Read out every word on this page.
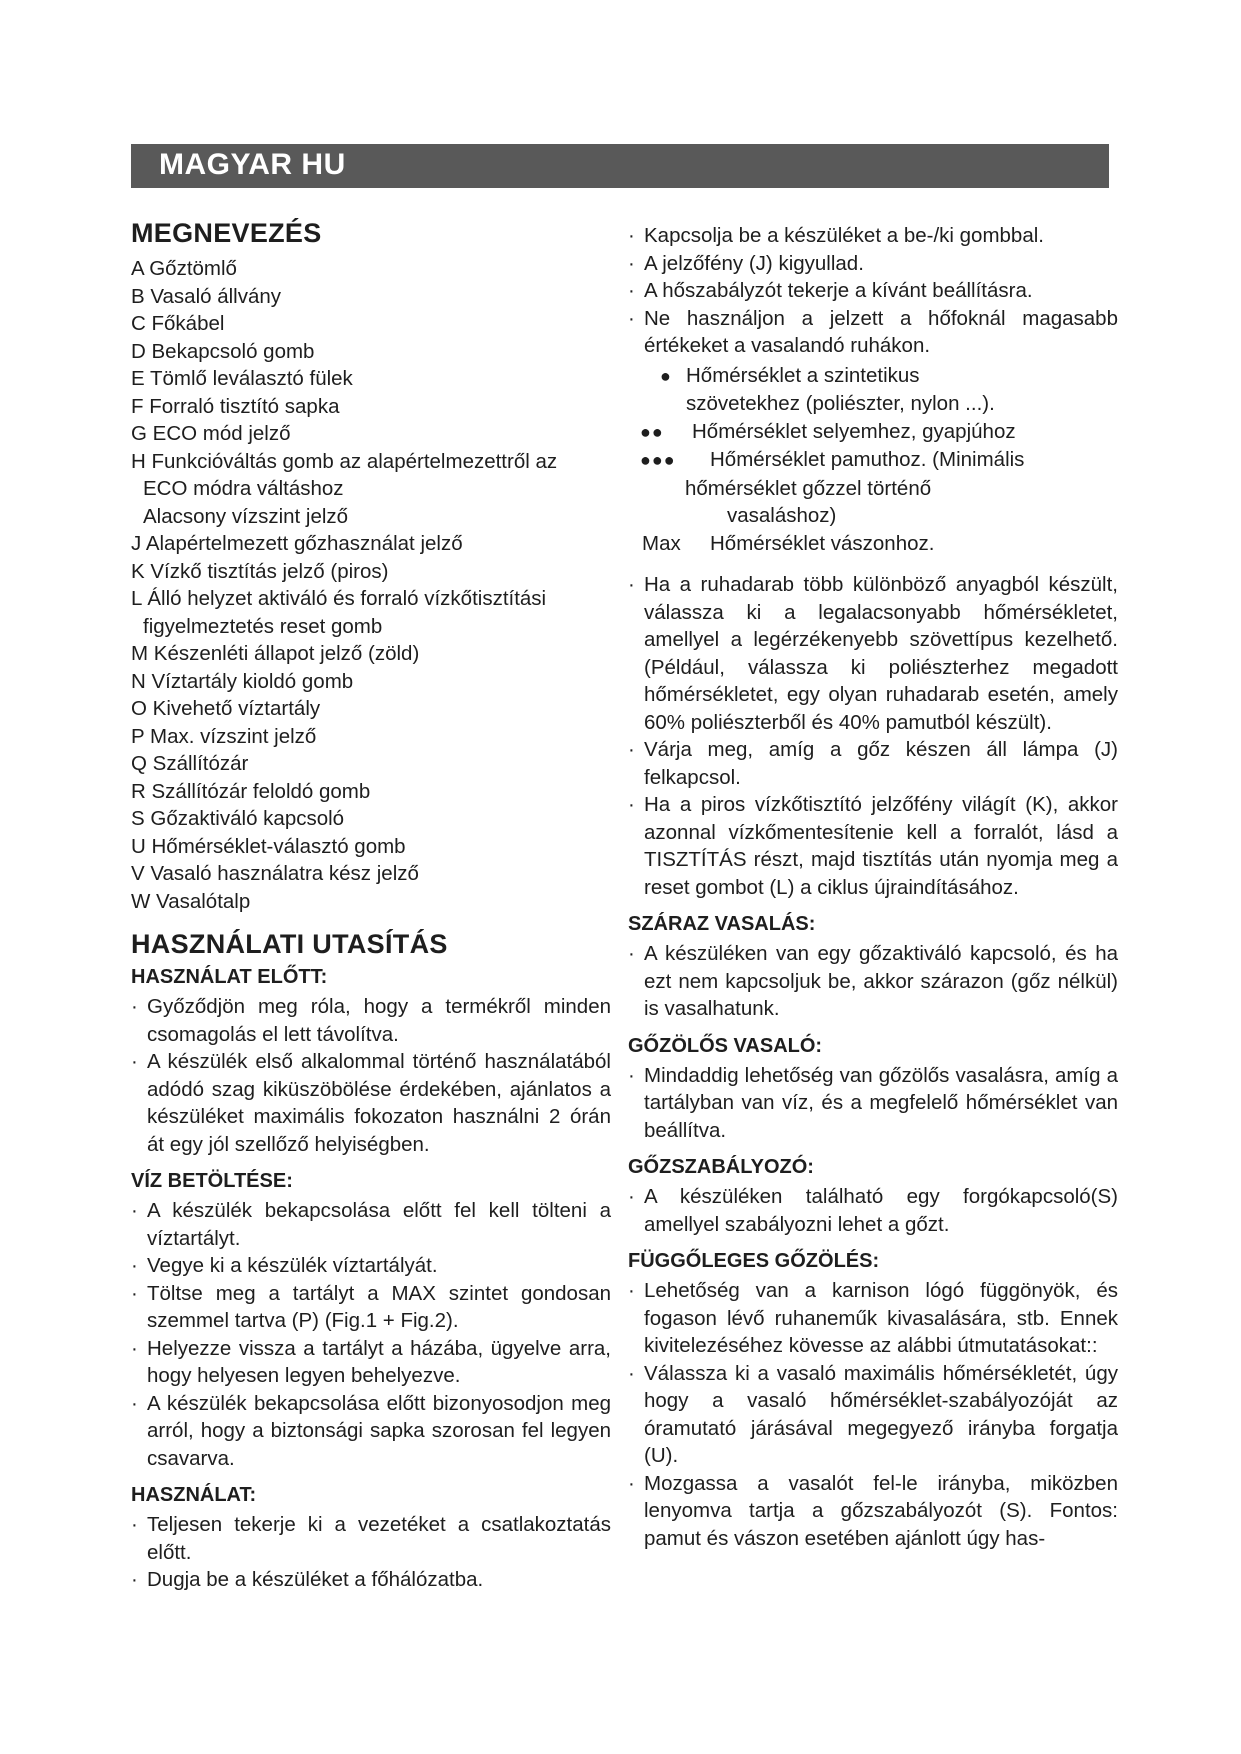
MAGYAR HU
MEGNEVEZÉS
A Gőztömlő
B Vasaló állvány
C Főkábel
D Bekapcsoló gomb
E Tömlő leválasztó fülek
F Forraló tisztító sapka
G ECO mód jelző
H Funkcióváltás gomb az alapértelmezettről az
ECO módra váltáshoz
Alacsony vízszint jelző
J Alapértelmezett gőzhasználat jelző
K Vízkő tisztítás jelző (piros)
L Álló helyzet aktiváló és forraló vízkőtisztítási
figyelmeztetés reset gomb
M Készenléti állapot jelző (zöld)
N Víztartály kioldó gomb
O Kivehető víztartály
P Max. vízszint jelző
Q Szállítózár
R Szállítózár feloldó gomb
S Gőzaktiváló kapcsoló
U Hőmérséklet-választó gomb
V Vasaló használatra kész jelző
W Vasalótalp
HASZNÁLATI UTASÍTÁS
HASZNÁLAT ELŐTT:
· Győződjön meg róla, hogy a termékről minden csomagolás el lett távolítva.
· A készülék első alkalommal történő használatából adódó szag kiküszöbölése érdekében, ajánlatos a készüléket maximális fokozaton használni 2 órán át egy jól szellőző helyiségben.
VÍZ BETÖLTÉSE:
· A készülék bekapcsolása előtt fel kell tölteni a víztartályt.
· Vegye ki a készülék víztartályát.
· Töltse meg a tartályt a MAX szintet gondosan szemmel tartva (P) (Fig.1 + Fig.2).
· Helyezze vissza a tartályt a házába, ügyelve arra, hogy helyesen legyen behelyezve.
· A készülék bekapcsolása előtt bizonyosodjon meg arról, hogy a biztonsági sapka szorosan fel legyen csavarva.
HASZNÁLAT:
· Teljesen tekerje ki a vezetéket a csatlakoztatás előtt.
· Dugja be a készüléket a főhálózatba.
· Kapcsolja be a készüléket a be-/ki gombbal.
· A jelzőfény (J) kigyullad.
· A hőszabályzót tekerje a kívánt beállításra.
· Ne használjon a jelzett a hőfoknál magasabb értékeket a vasalandó ruhákon.
● Hőmérséklet a szintetikus
szövetekhez (poliészter, nylon ...).
●● Hőmérséklet selyemhez, gyapjúhoz
●●● Hőmérséklet pamuthoz. (Minimális
hőmérséklet gőzzel történő
vasaláshoz)
Max Hőmérséklet vászonhoz.
· Ha a ruhadarab több különböző anyagból készült, válassza ki a legalacsonyabb hőmérsékletet, amellyel a legérzékenyebb szövettípus kezelhető. (Például, válassza ki poliészterhez megadott hőmérsékletet, egy olyan ruhadarab esetén, amely 60% poliészterből és 40% pamutból készült).
· Várja meg, amíg a gőz készen áll lámpa (J) felkapcsol.
· Ha a piros vízkőtisztító jelzőfény világít (K), akkor azonnal vízkőmentesítenie kell a forralót, lásd a TISZTÍTÁS részt, majd tisztítás után nyomja meg a reset gombot (L) a ciklus újraindításához.
SZÁRAZ VASALÁS:
· A készüléken van egy gőzaktiváló kapcsoló, és ha ezt nem kapcsoljuk be, akkor szárazon (gőz nélkül) is vasalhatunk.
GŐZÖLŐS VASALÓ:
· Mindaddig lehetőség van gőzölős vasalásra, amíg a tartályban van víz, és a megfelelő hőmérséklet van beállítva.
GŐZSZABÁLYOZÓ:
· A készüléken található egy forgókapcsoló(S) amellyel szabályozni lehet a gőzt.
FÜGGŐLEGES GŐZÖLÉS:
· Lehetőség van a karnison lógó függönyök, és fogason lévő ruhaneműk kivasalására, stb. Ennek kivitelezéséhez kövesse az alábbi útmutatásokat::
· Válassza ki a vasaló maximális hőmérsékletét, úgy hogy a vasaló hőmérséklet-szabályozóját az óramutató járásával megegyező irányba forgatja (U).
· Mozgassa a vasalót fel-le irányba, miközben lenyomva tartja a gőzszabályozót (S). Fontos: pamut és vászon esetében ajánlott úgy has-
